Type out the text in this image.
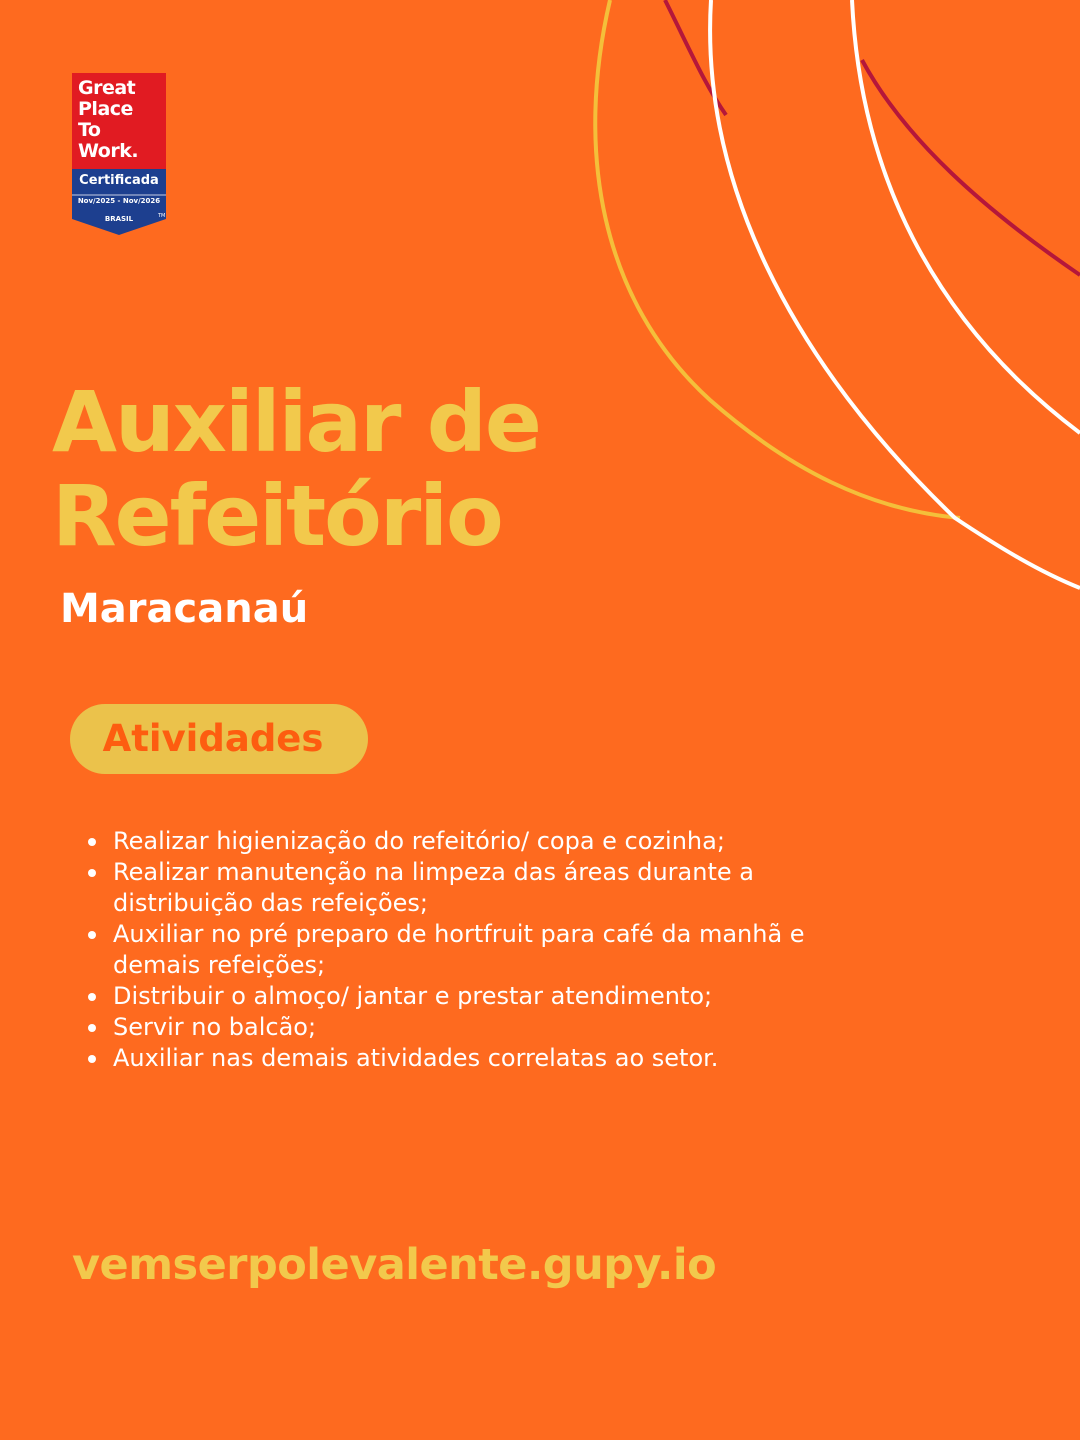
Great
Place
To
Work.
Certificada
Nov/2025 - Nov/2026
BRASIL	TM
Auxiliar de Refeitório
Maracanaú
Atividades
Realizar higienização do refeitório/ copa e cozinha;
Realizar manutenção na limpeza das áreas durante a distribuição das refeições;
Auxiliar no pré preparo de hortfruit para café da manhã e demais refeições;
Distribuir o almoço/ jantar e prestar atendimento;
Servir no balcão;
Auxiliar nas demais atividades correlatas ao setor.
vemserpolevalente.gupy.io
